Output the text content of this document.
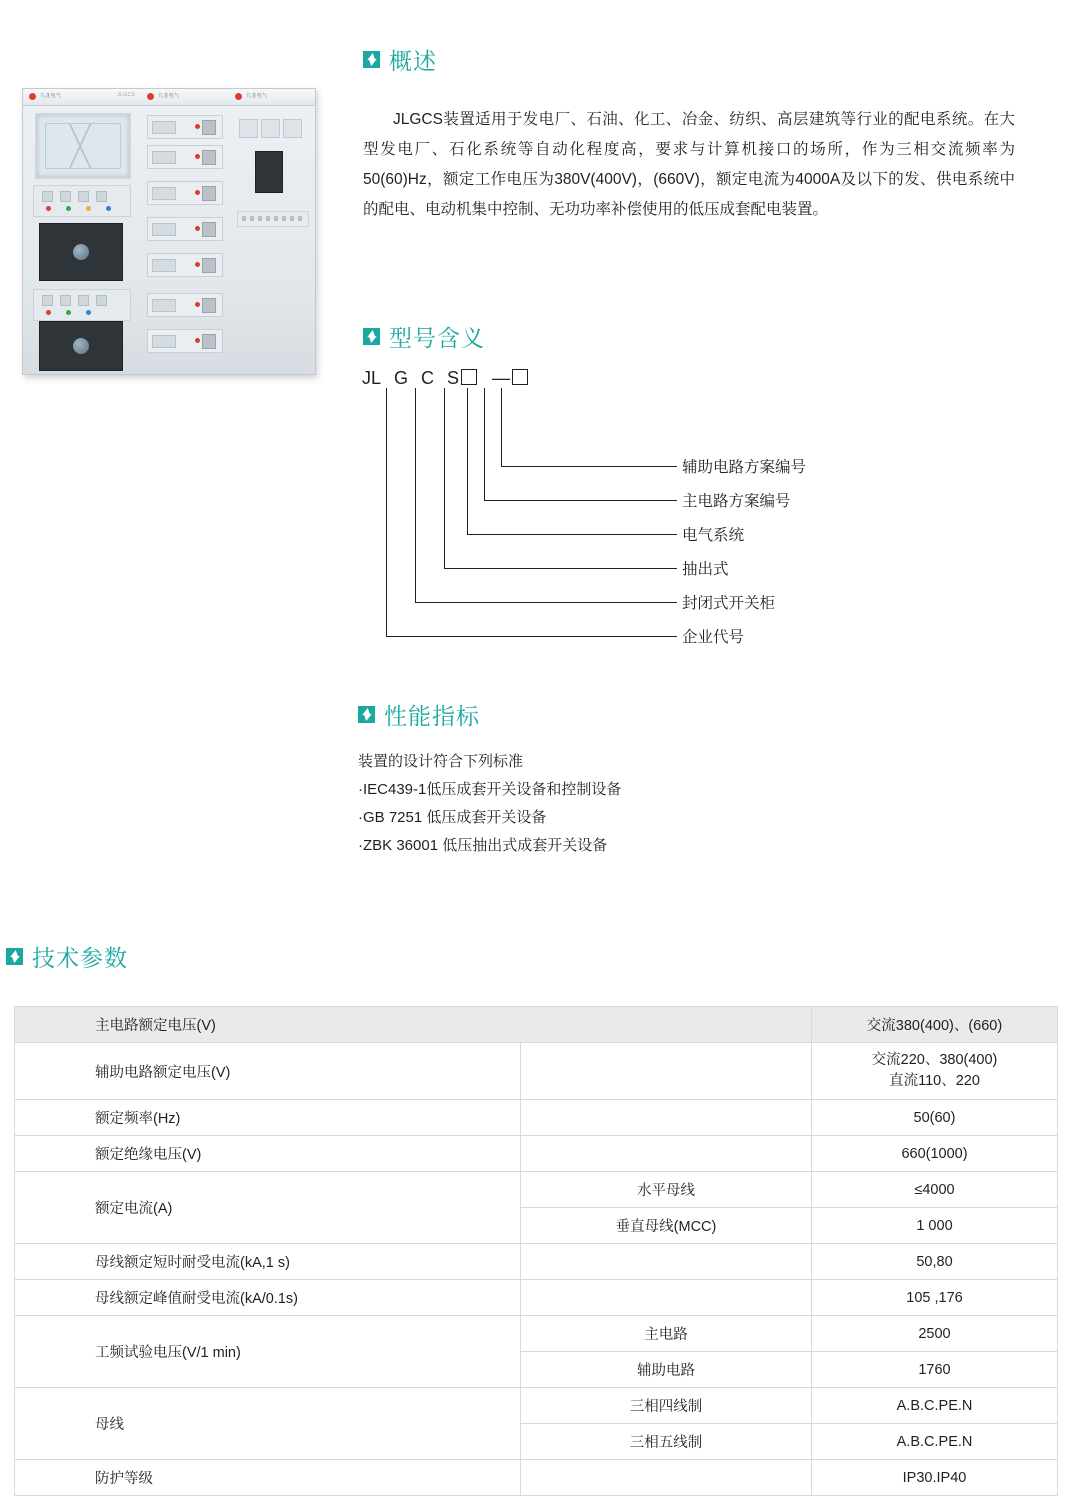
九龙电气	JLGCS	九龙电气	九龙电气
概述
JLGCS装置适用于发电厂、石油、化工、冶金、纺织、高层建筑等行业的配电系统。在大型发电厂、石化系统等自动化程度高，要求与计算机接口的场所，作为三相交流频率为50(60)Hz，额定工作电压为380V(400V)，(660V)，额定电流为4000A及以下的发、供电系统中的配电、电动机集中控制、无功功率补偿使用的低压成套配电装置。
型号含义
JL G C S —
辅助电路方案编号
主电路方案编号
电气系统
抽出式
封闭式开关柜
企业代号
性能指标
装置的设计符合下列标准
·IEC439-1低压成套开关设备和控制设备
·GB 7251 低压成套开关设备
·ZBK 36001 低压抽出式成套开关设备
技术参数
主电路额定电压(V)		交流380(400)、(660)
辅助电路额定电压(V)		交流220、380(400)
直流110、220
额定频率(Hz)		50(60)
额定绝缘电压(V)		660(1000)
额定电流(A)	水平母线	≤4000
	垂直母线(MCC)	1 000
母线额定短时耐受电流(kA,1 s)		50,80
母线额定峰值耐受电流(kA/0.1s)		105 ,176
工频试验电压(V/1 min)	主电路	2500
	辅助电路	1760
母线	三相四线制	A.B.C.PE.N
	三相五线制	A.B.C.PE.N
防护等级		IP30.IP40
